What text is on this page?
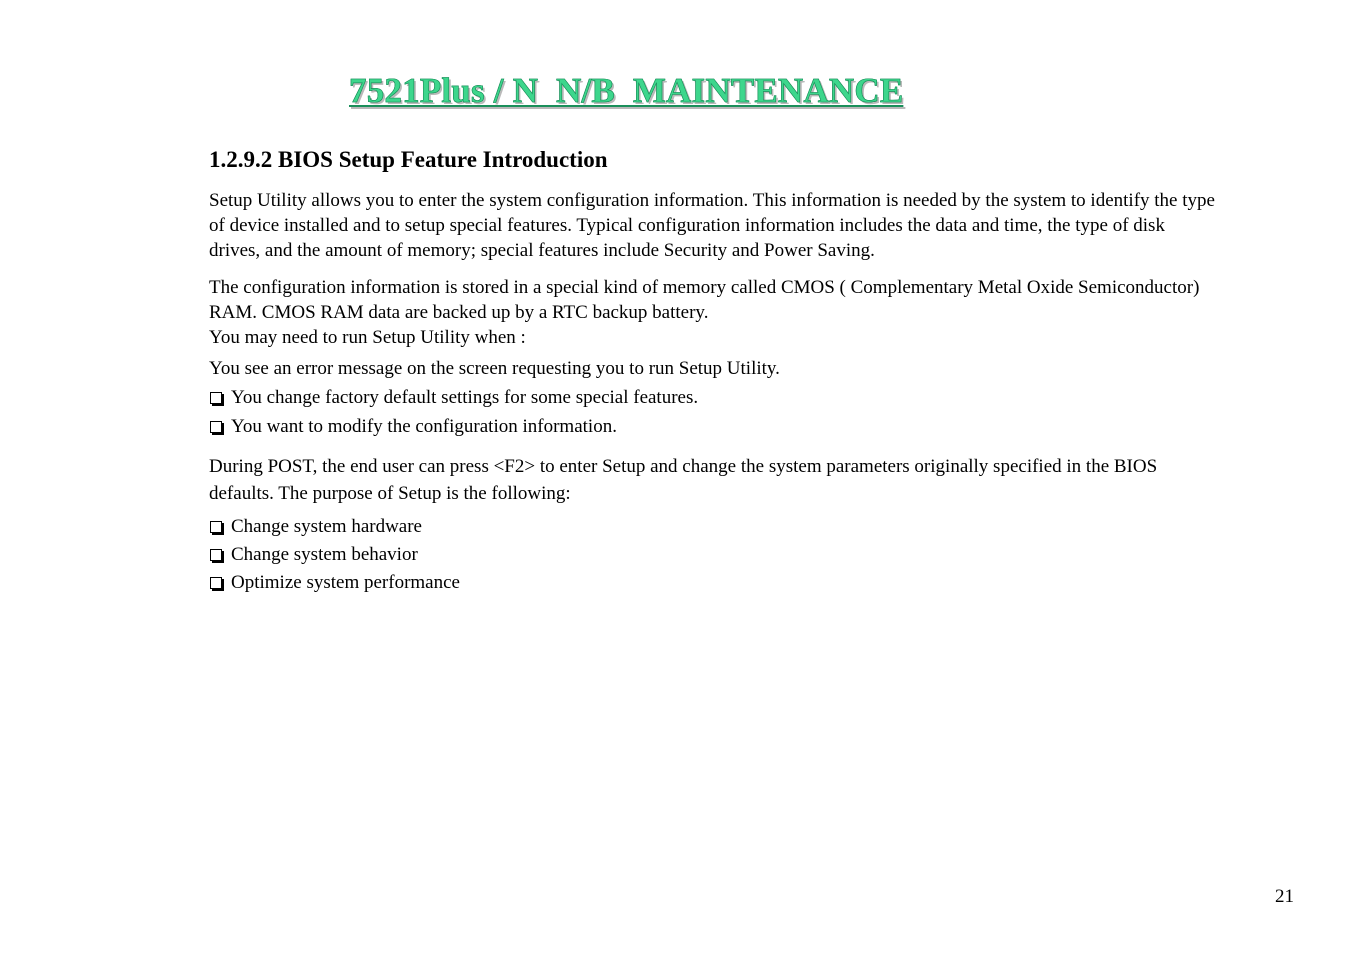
7521Plus / N  N/B  MAINTENANCE
1.2.9.2 BIOS Setup Feature Introduction

Setup Utility allows you to enter the system configuration information. This information is needed by the system to identify the type of device installed and to setup special features. Typical configuration information includes the data and time, the type of disk drives, and the amount of memory; special features include Security and Power Saving.

The configuration information is stored in a special kind of memory called CMOS ( Complementary Metal Oxide Semiconductor) RAM. CMOS RAM data are backed up by a RTC backup battery.

You may need to run Setup Utility when :

You see an error message on the screen requesting you to run Setup Utility.

You change factory default settings for some special features.
You want to modify the configuration information.

During POST, the end user can press <F2> to enter Setup and change the system parameters originally specified in the BIOS defaults. The purpose of Setup is the following:

Change system hardware
Change system behavior
Optimize system performance

21
